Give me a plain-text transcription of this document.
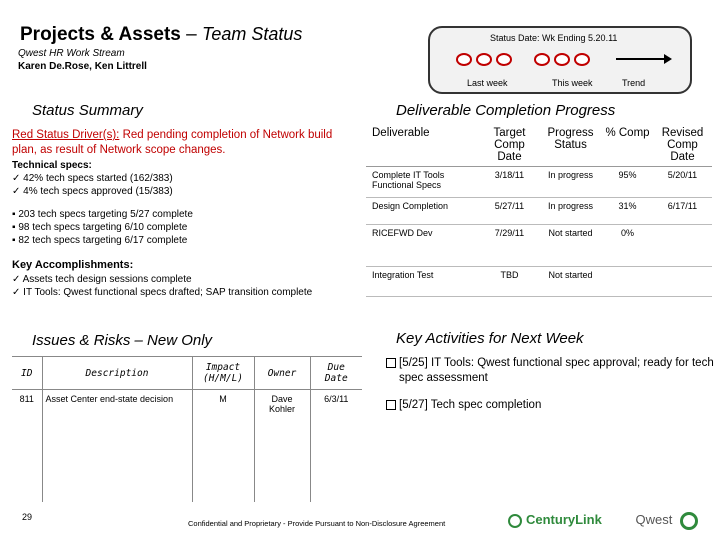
Projects & Assets – Team Status
Qwest HR Work Stream
Karen De.Rose, Ken Littrell
Status Date: Wk Ending 5.20.11
Last week	This week	Trend
Status Summary
Red Status Driver(s): Red pending completion of Network build plan, as result of Network scope changes.
Technical specs:
✓ 42% tech specs started (162/383)
✓ 4% tech specs approved (15/383)
▪ 203 tech specs targeting 5/27 complete
▪ 98 tech specs targeting 6/10 complete
▪ 82 tech specs targeting 6/17 complete
Key Accomplishments:
✓ Assets tech design sessions complete
✓ IT Tools: Qwest functional specs drafted; SAP transition complete
Deliverable Completion Progress
Deliverable	Target Comp Date	Progress Status	% Comp	Revised Comp Date
Complete IT Tools Functional Specs	3/18/11	In progress	95%	5/20/11
Design Completion	5/27/11	In progress	31%	6/17/11
RICEFWD Dev	7/29/11	Not started	0%	
Integration Test	TBD	Not started		
Issues & Risks – New Only
ID	Description	Impact (H/M/L)	Owner	Due Date
811	Asset Center end-state decision	M	Dave Kohler	6/3/11
Key Activities for Next Week
[5/25] IT Tools: Qwest functional spec approval; ready for tech spec assessment
[5/27] Tech spec completion
29
Confidential and Proprietary - Provide Pursuant to Non-Disclosure Agreement	CenturyLink	Qwest
